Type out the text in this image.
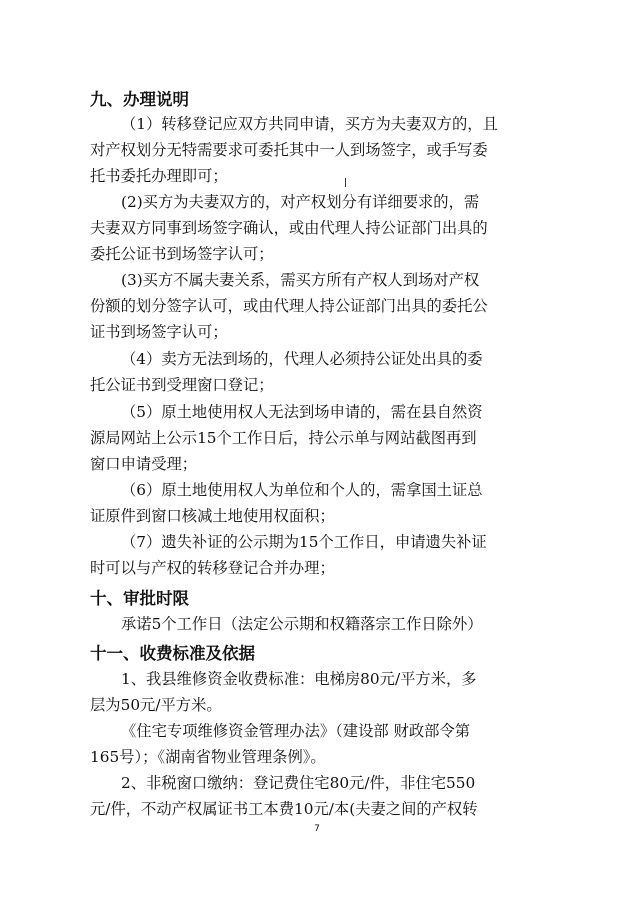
九、办理说明
（1）转移登记应双方共同申请，买方为夫妻双方的，且
对产权划分无特需要求可委托其中一人到场签字，或手写委
托书委托办理即可；
(2)买方为夫妻双方的，对产权划分有详细要求的，需
夫妻双方同事到场签字确认，或由代理人持公证部门出具的
委托公证书到场签字认可；
(3)买方不属夫妻关系，需买方所有产权人到场对产权
份额的划分签字认可，或由代理人持公证部门出具的委托公
证书到场签字认可；
（4）卖方无法到场的，代理人必须持公证处出具的委
托公证书到受理窗口登记；
（5）原土地使用权人无法到场申请的，需在县自然资
源局网站上公示15个工作日后，持公示单与网站截图再到
窗口申请受理；
（6）原土地使用权人为单位和个人的，需拿国土证总
证原件到窗口核减土地使用权面积；
（7）遗失补证的公示期为15个工作日，申请遗失补证
时可以与产权的转移登记合并办理；
十、审批时限
承诺5个工作日（法定公示期和权籍落宗工作日除外）
十一、收费标准及依据
1、我县维修资金收费标准：电梯房80元/平方米，多
层为50元/平方米。
《住宅专项维修资金管理办法》（建设部 财政部令第
165号）；《湖南省物业管理条例》。
2、非税窗口缴纳：登记费住宅80元/件，非住宅550
元/件，不动产权属证书工本费10元/本(夫妻之间的产权转
7
